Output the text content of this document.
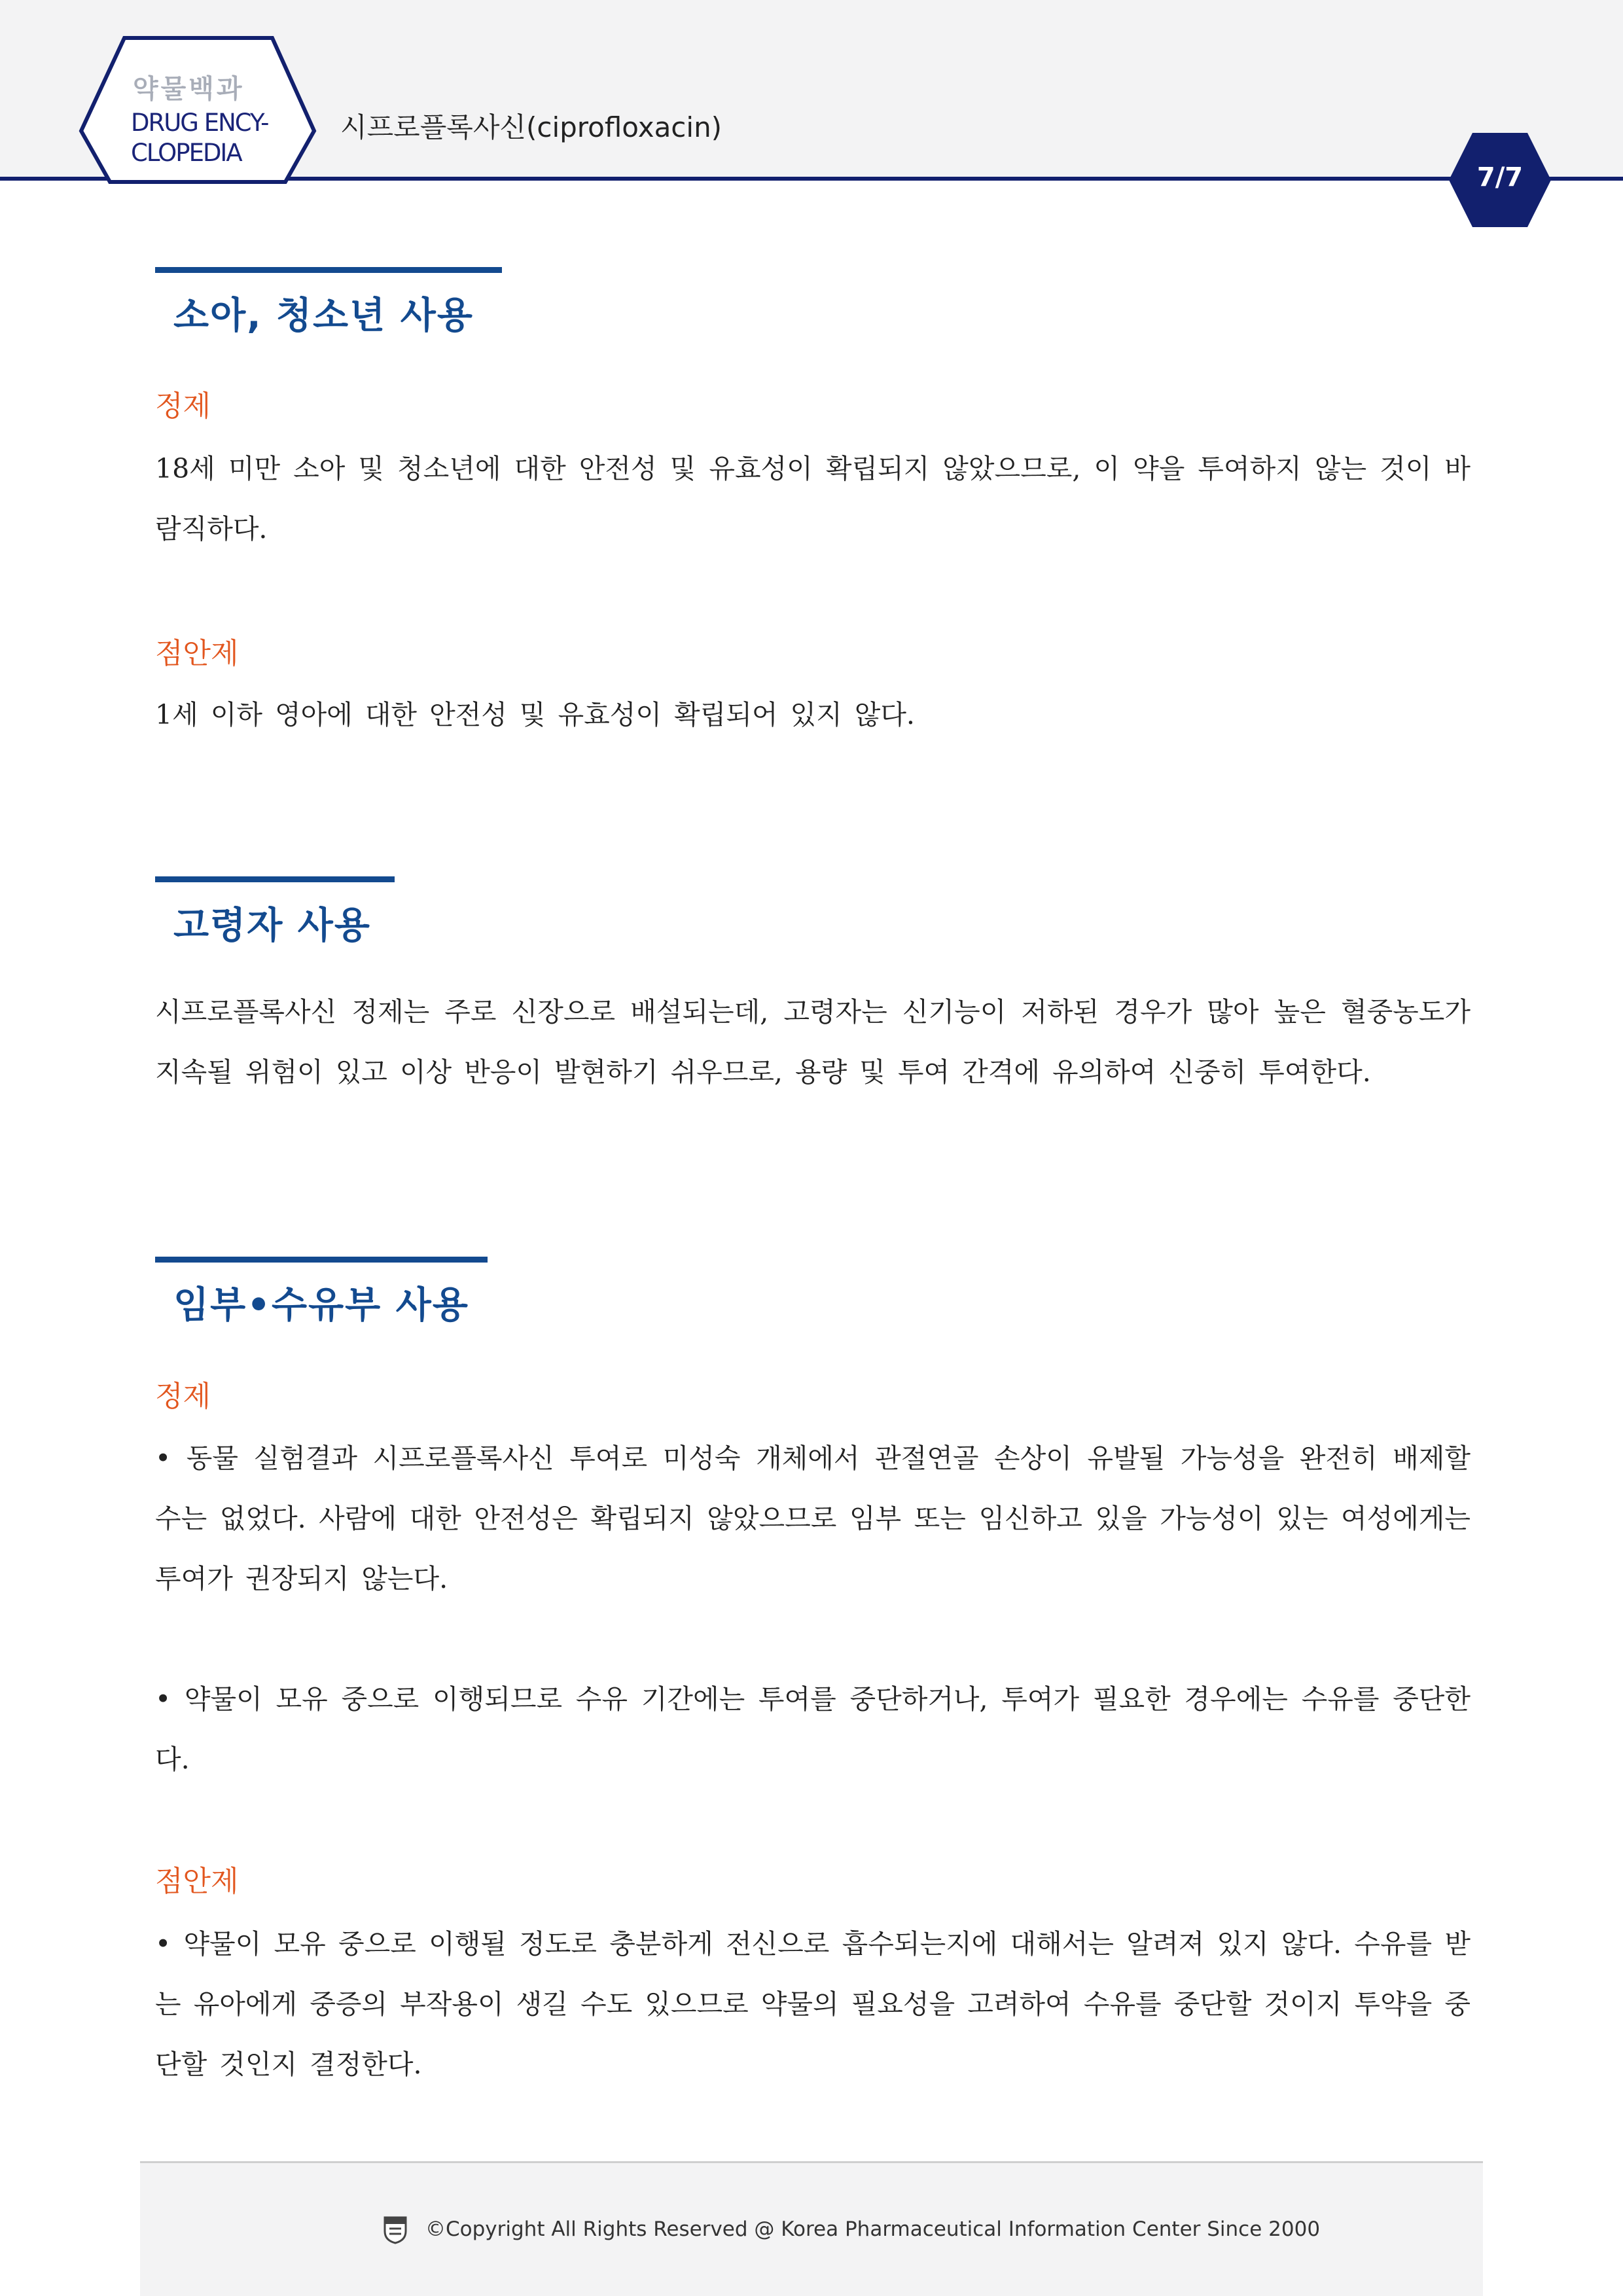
약물백과
DRUG ENCY-
CLOPEDIA
시프로플록사신(ciprofloxacin)
7/7
소아, 청소년 사용
정제
18세 미만 소아 및 청소년에 대한 안전성 및 유효성이 확립되지 않았으므로, 이 약을 투여하지 않는 것이 바람직하다.
점안제
1세 이하 영아에 대한 안전성 및 유효성이 확립되어 있지 않다.
고령자 사용
시프로플록사신 정제는 주로 신장으로 배설되는데, 고령자는 신기능이 저하된 경우가 많아 높은 혈중농도가 지속될 위험이 있고 이상 반응이 발현하기 쉬우므로, 용량 및 투여 간격에 유의하여 신중히 투여한다.
임부•수유부 사용
정제
• 동물 실험결과 시프로플록사신 투여로 미성숙 개체에서 관절연골 손상이 유발될 가능성을 완전히 배제할 수는 없었다. 사람에 대한 안전성은 확립되지 않았으므로 임부 또는 임신하고 있을 가능성이 있는 여성에게는 투여가 권장되지 않는다.
• 약물이 모유 중으로 이행되므로 수유 기간에는 투여를 중단하거나, 투여가 필요한 경우에는 수유를 중단한다.
점안제
• 약물이 모유 중으로 이행될 정도로 충분하게 전신으로 흡수되는지에 대해서는 알려져 있지 않다. 수유를 받는 유아에게 중증의 부작용이 생길 수도 있으므로 약물의 필요성을 고려하여 수유를 중단할 것이지 투약을 중단할 것인지 결정한다.
©Copyright All Rights Reserved @ Korea Pharmaceutical Information Center Since 2000
